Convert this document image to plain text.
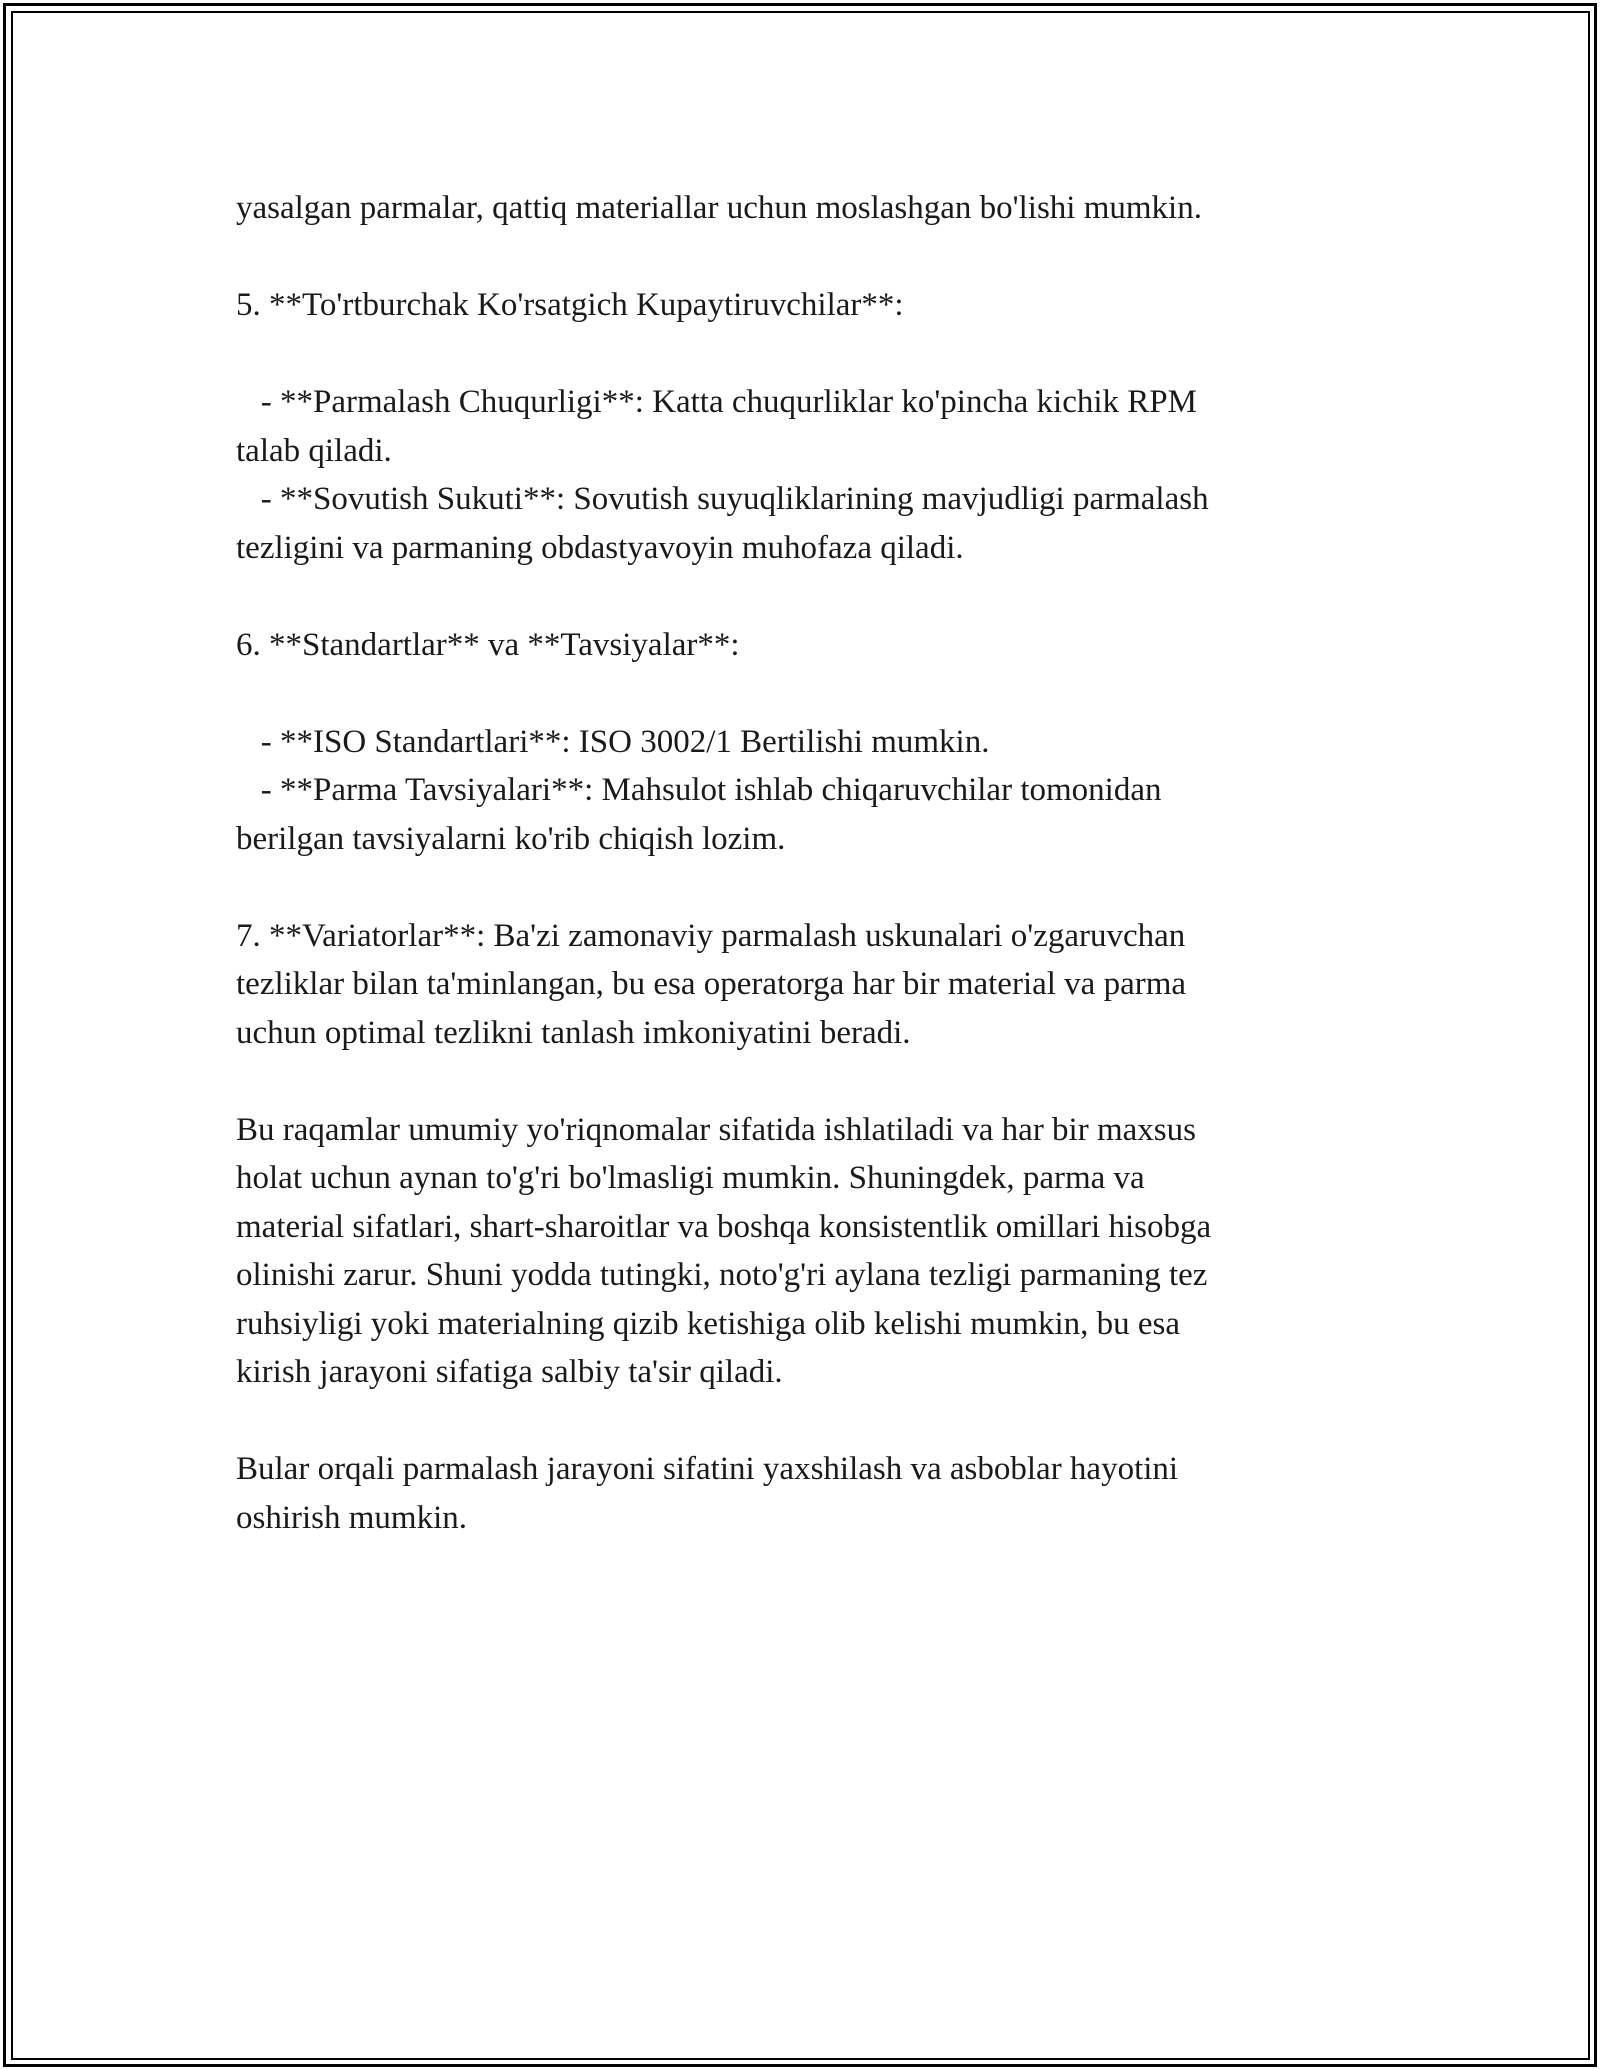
yasalgan parmalar, qattiq materiallar uchun moslashgan bo'lishi mumkin.
5. **To'rtburchak Ko'rsatgich Kupaytiruvchilar**:
- **Parmalash Chuqurligi**: Katta chuqurliklar ko'pincha kichik RPM
talab qiladi.
- **Sovutish Sukuti**: Sovutish suyuqliklarining mavjudligi parmalash
tezligini va parmaning obdastyavoyin muhofaza qiladi.
6. **Standartlar** va **Tavsiyalar**:
- **ISO Standartlari**: ISO 3002/1 Bertilishi mumkin.
- **Parma Tavsiyalari**: Mahsulot ishlab chiqaruvchilar tomonidan
berilgan tavsiyalarni ko'rib chiqish lozim.
7. **Variatorlar**: Ba'zi zamonaviy parmalash uskunalari o'zgaruvchan
tezliklar bilan ta'minlangan, bu esa operatorga har bir material va parma
uchun optimal tezlikni tanlash imkoniyatini beradi.
Bu raqamlar umumiy yo'riqnomalar sifatida ishlatiladi va har bir maxsus
holat uchun aynan to'g'ri bo'lmasligi mumkin. Shuningdek, parma va
material sifatlari, shart-sharoitlar va boshqa konsistentlik omillari hisobga
olinishi zarur. Shuni yodda tutingki, noto'g'ri aylana tezligi parmaning tez
ruhsiyligi yoki materialning qizib ketishiga olib kelishi mumkin, bu esa
kirish jarayoni sifatiga salbiy ta'sir qiladi.
Bular orqali parmalash jarayoni sifatini yaxshilash va asboblar hayotini
oshirish mumkin.
